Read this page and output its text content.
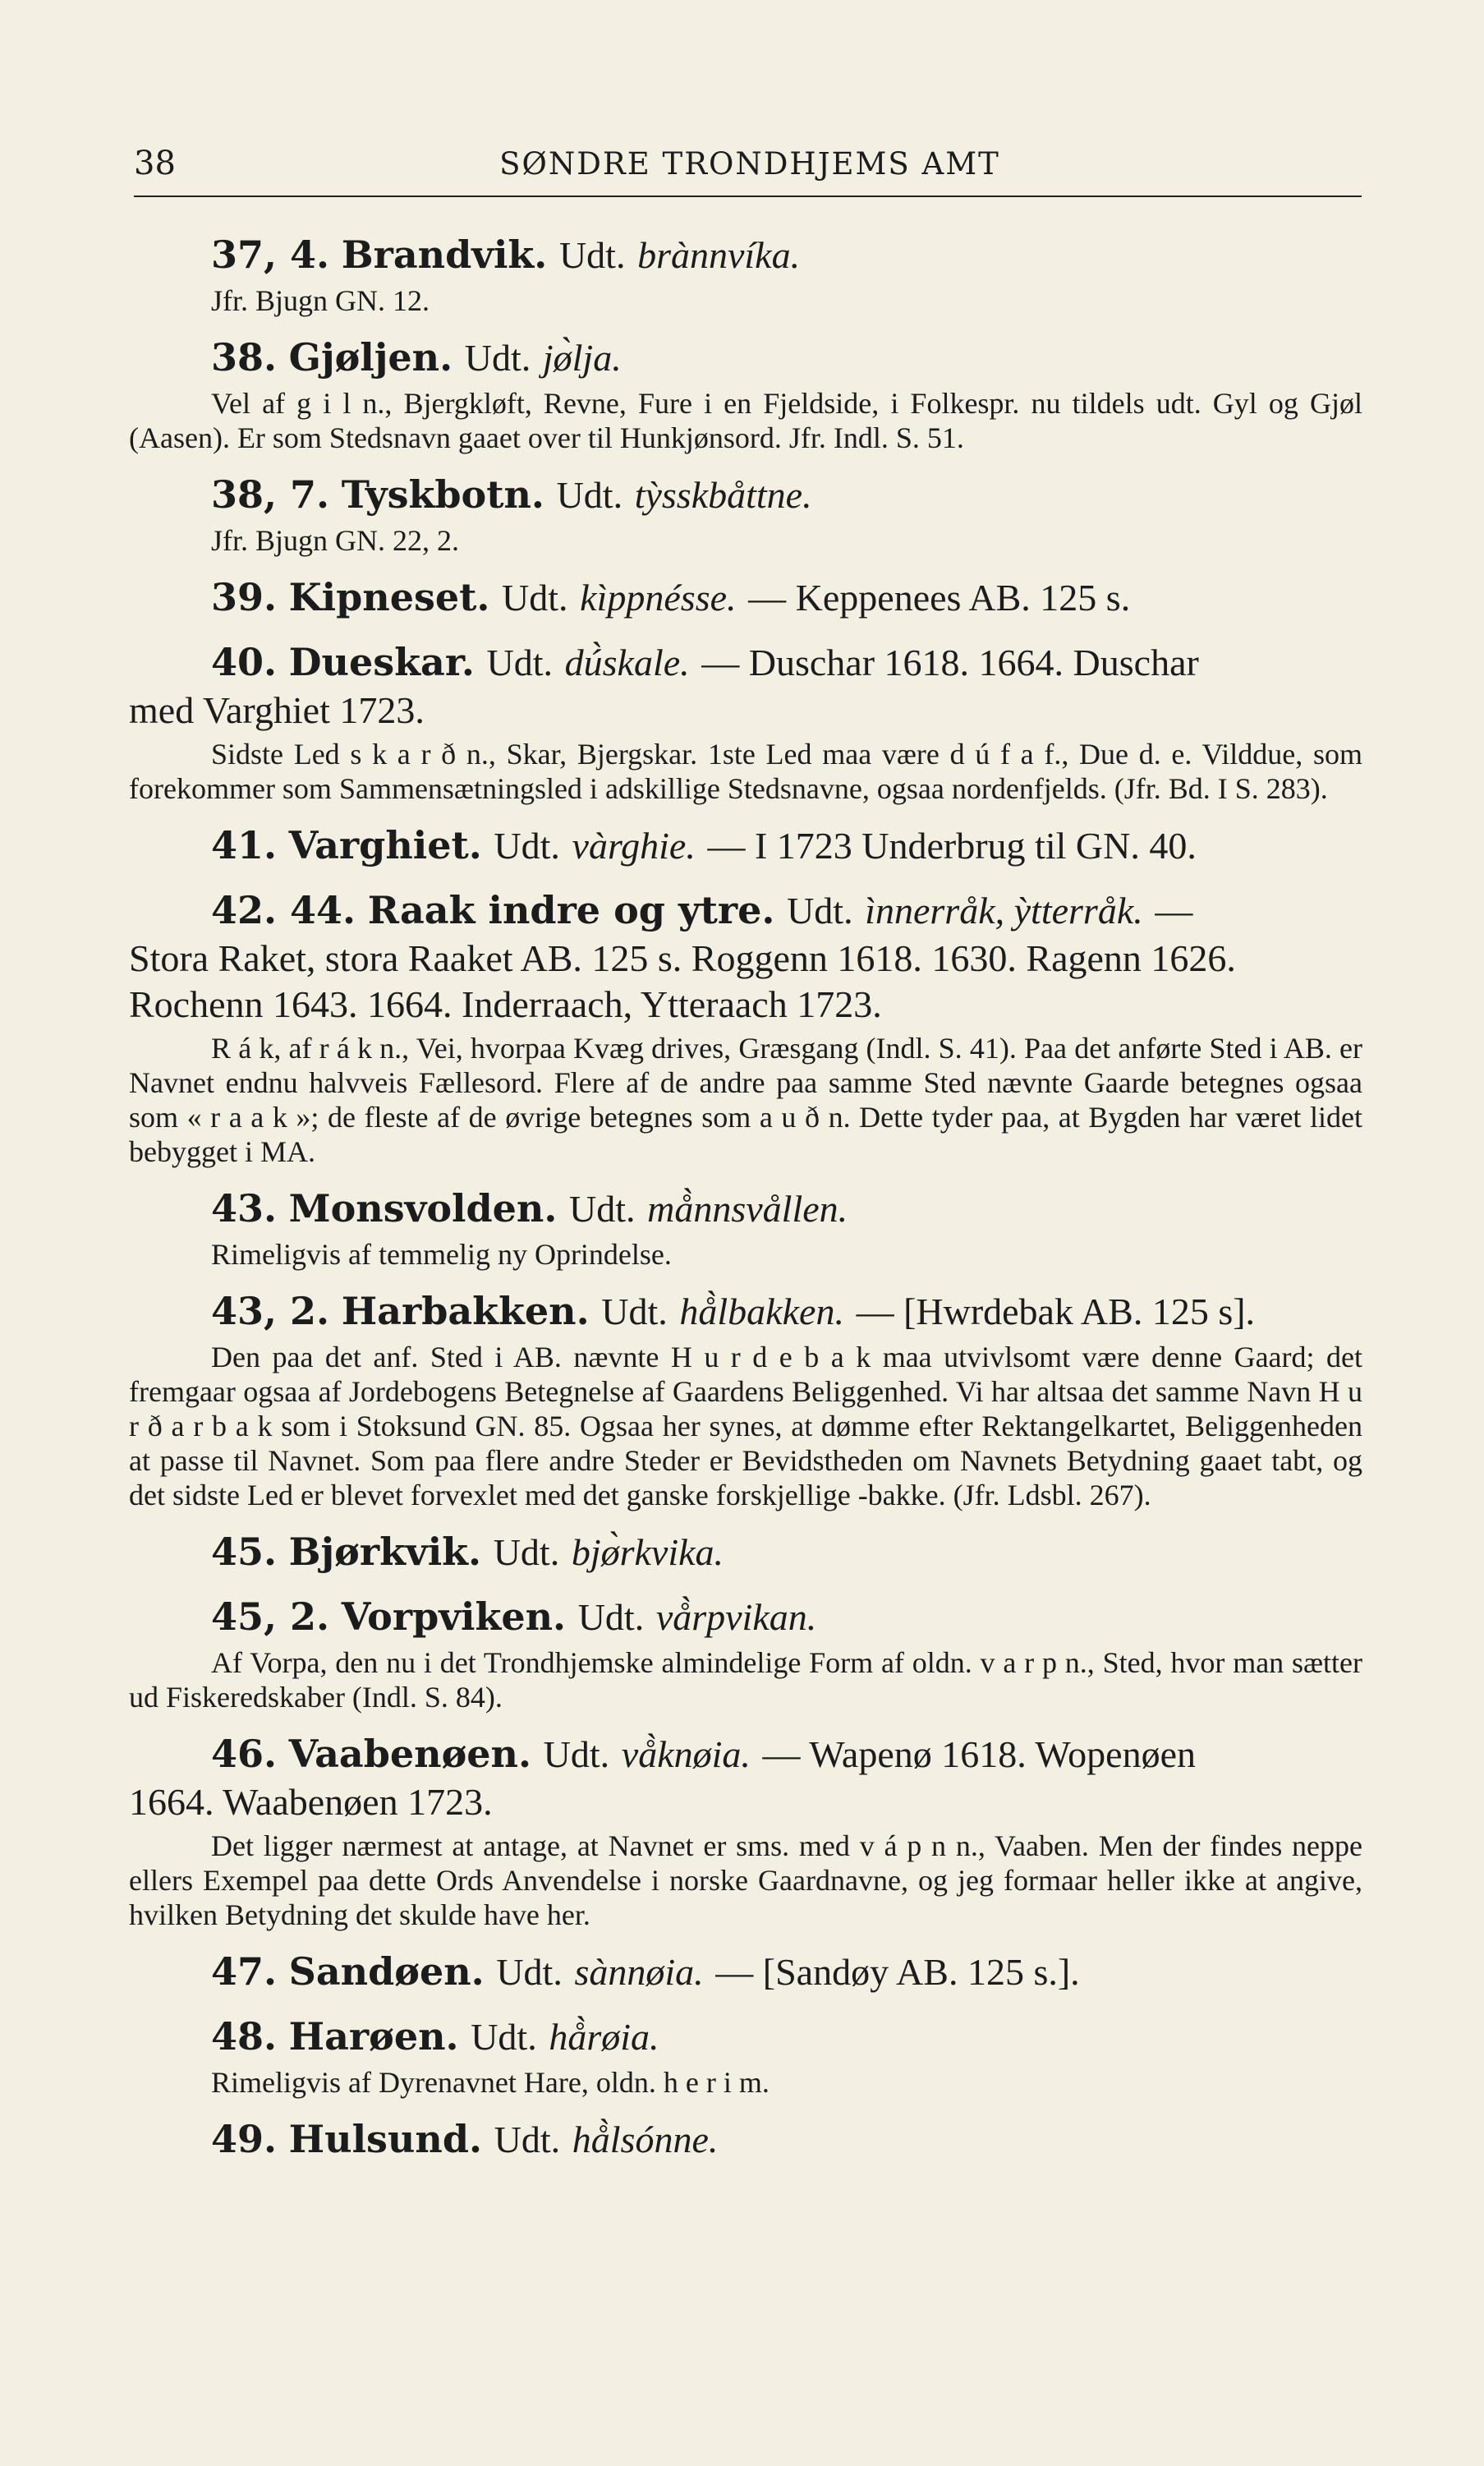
38	SØNDRE TRONDHJEMS AMT
37, 4. Brandvik. Udt. brànnvíka.

Jfr. Bjugn GN. 12.

38. Gjøljen. Udt. jø̀lja.

Vel af g i l n., Bjergkløft, Revne, Fure i en Fjeldside, i Folkespr. nu tildels udt. Gyl og Gjøl (Aasen). Er som Stedsnavn gaaet over til Hunkjønsord. Jfr. Indl. S. 51.

38, 7. Tyskbotn. Udt. tỳsskbåttne.

Jfr. Bjugn GN. 22, 2.

39. Kipneset. Udt. kìppnésse. — Keppenees AB. 125 s.
40. Dueskar. Udt. dú̀skale. — Duschar 1618. 1664. Duschar
med Varghiet 1723.

Sidste Led s k a r ð n., Skar, Bjergskar. 1ste Led maa være d ú f a f., Due d. e. Vilddue, som forekommer som Sammensætningsled i adskillige Stedsnavne, ogsaa nordenfjelds. (Jfr. Bd. I S. 283).

41. Varghiet. Udt. vàrghie. — I 1723 Underbrug til GN. 40.
42. 44. Raak indre og ytre. Udt. ìnnerråk, ỳtterråk. —
Stora Raket, stora Raaket AB. 125 s. Roggenn 1618. 1630. Ragenn 1626. Rochenn 1643. 1664. Inderraach, Ytteraach 1723.

R á k, af r á k n., Vei, hvorpaa Kvæg drives, Græsgang (Indl. S. 41). Paa det anførte Sted i AB. er Navnet endnu halvveis Fællesord. Flere af de andre paa samme Sted nævnte Gaarde betegnes ogsaa som « r a a k »; de fleste af de øvrige betegnes som a u ð n. Dette tyder paa, at Bygden har været lidet bebygget i MA.

43. Monsvolden. Udt. må̀nnsvållen.

Rimeligvis af temmelig ny Oprindelse.

43, 2. Harbakken. Udt. hå̀lbakken. — [Hwrdebak AB. 125 s].

Den paa det anf. Sted i AB. nævnte H u r d e b a k maa utvivlsomt være denne Gaard; det fremgaar ogsaa af Jordebogens Betegnelse af Gaardens Beliggenhed. Vi har altsaa det samme Navn H u r ð a r b a k som i Stoksund GN. 85. Ogsaa her synes, at dømme efter Rektangelkartet, Beliggenheden at passe til Navnet. Som paa flere andre Steder er Bevidstheden om Navnets Betydning gaaet tabt, og det sidste Led er blevet forvexlet med det ganske forskjellige -bakke. (Jfr. Ldsbl. 267).

45. Bjørkvik. Udt. bjø̀rkvika.
45, 2. Vorpviken. Udt. vå̀rpvikan.

Af Vorpa, den nu i det Trondhjemske almindelige Form af oldn. v a r p n., Sted, hvor man sætter ud Fiskeredskaber (Indl. S. 84).

46. Vaabenøen. Udt. vå̀knøia. — Wapenø 1618. Wopenøen
1664. Waabenøen 1723.

Det ligger nærmest at antage, at Navnet er sms. med v á p n n., Vaaben. Men der findes neppe ellers Exempel paa dette Ords Anvendelse i norske Gaardnavne, og jeg formaar heller ikke at angive, hvilken Betydning det skulde have her.

47. Sandøen. Udt. sànnøia. — [Sandøy AB. 125 s.].
48. Harøen. Udt. hå̀røia.

Rimeligvis af Dyrenavnet Hare, oldn. h e r i m.

49. Hulsund. Udt. hå̀lsónne.
